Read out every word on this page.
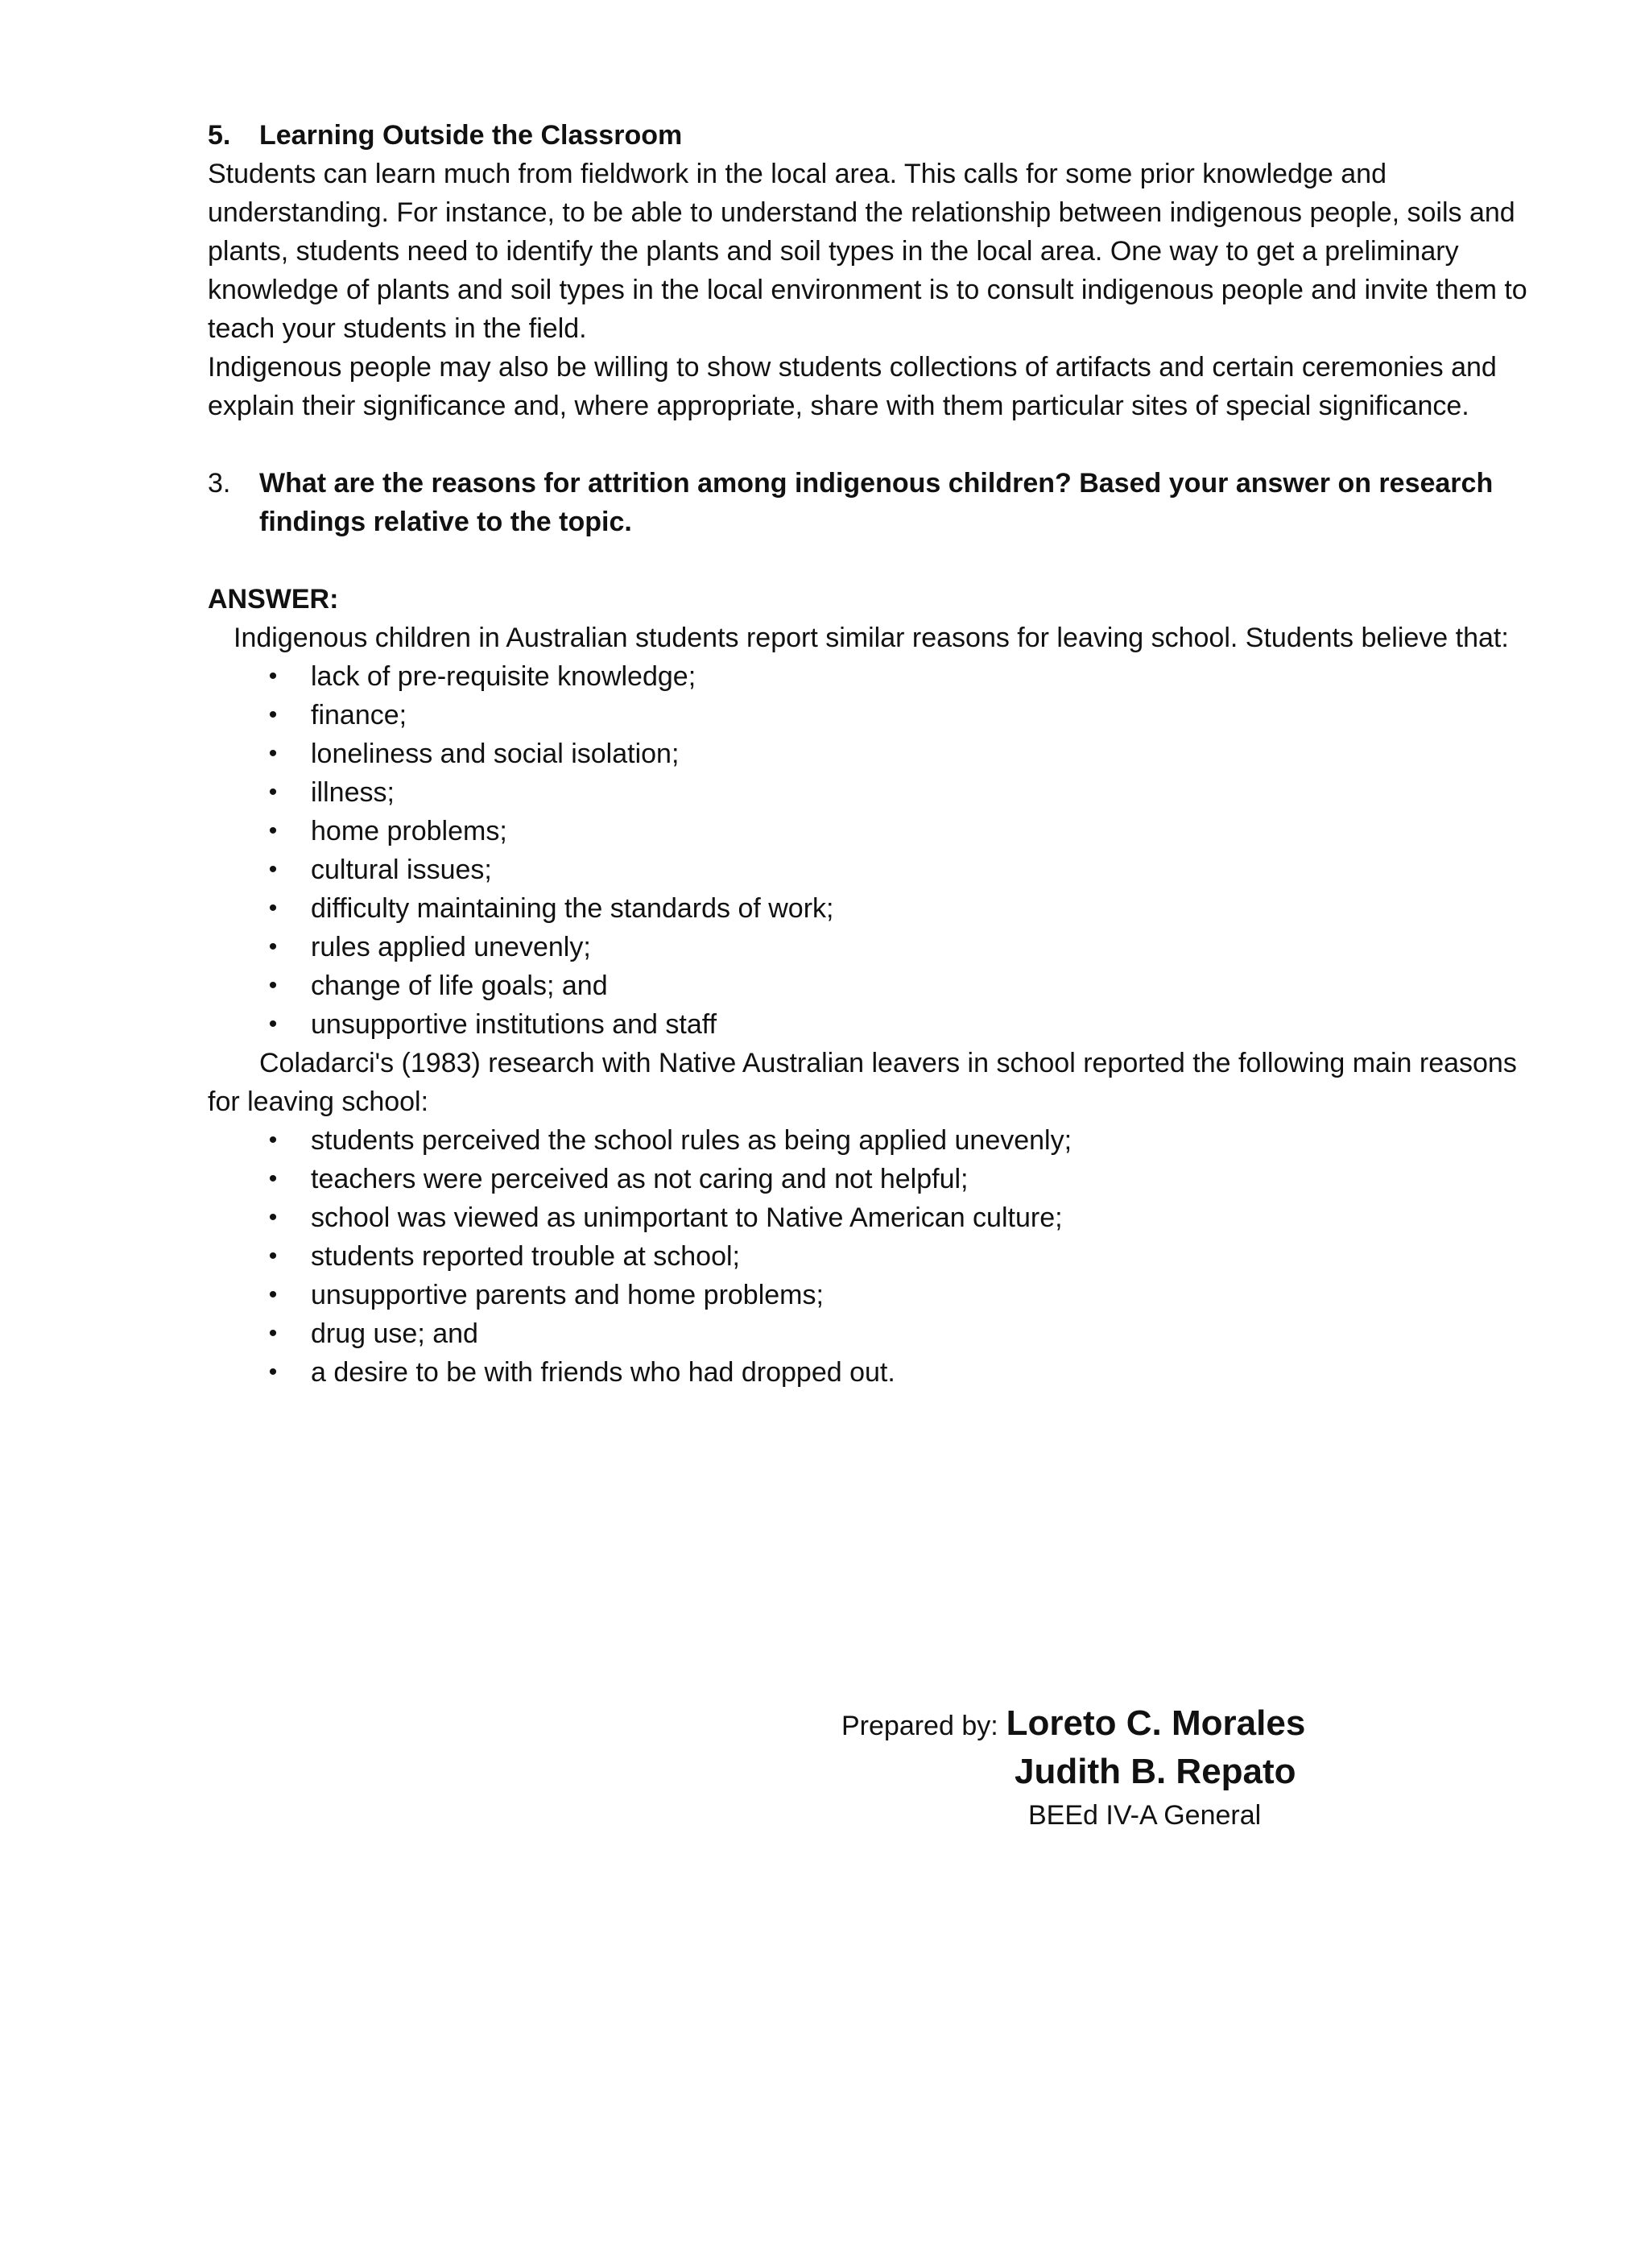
5.	Learning Outside the Classroom

Students can learn much from fieldwork in the local area. This calls for some prior knowledge and understanding. For instance, to be able to understand the relationship between indigenous people, soils and plants, students need to identify the plants and soil types in the local area. One way to get a preliminary knowledge of plants and soil types in the local environment is to consult indigenous people and invite them to teach your students in the field.

Indigenous people may also be willing to show students collections of artifacts and certain ceremonies and explain their significance and, where appropriate, share with them particular sites of special significance.

3.	What are the reasons for attrition among indigenous children? Based your answer on research findings relative to the topic.

ANSWER:

Indigenous children in Australian students report similar reasons for leaving school. Students believe that:

• lack of pre-requisite knowledge;
• finance;
• loneliness and social isolation;
• illness;
• home problems;
• cultural issues;
• difficulty maintaining the standards of work;
• rules applied unevenly;
• change of life goals; and
• unsupportive institutions and staff

Coladarci's (1983) research with Native Australian leavers in school reported the following main reasons for leaving school:

• students perceived the school rules as being applied unevenly;
• teachers were perceived as not caring and not helpful;
• school was viewed as unimportant to Native American culture;
• students reported trouble at school;
• unsupportive parents and home problems;
• drug use; and
• a desire to be with friends who had dropped out.
Prepared by: Loreto C. Morales
Judith B. Repato
BEEd IV-A General
